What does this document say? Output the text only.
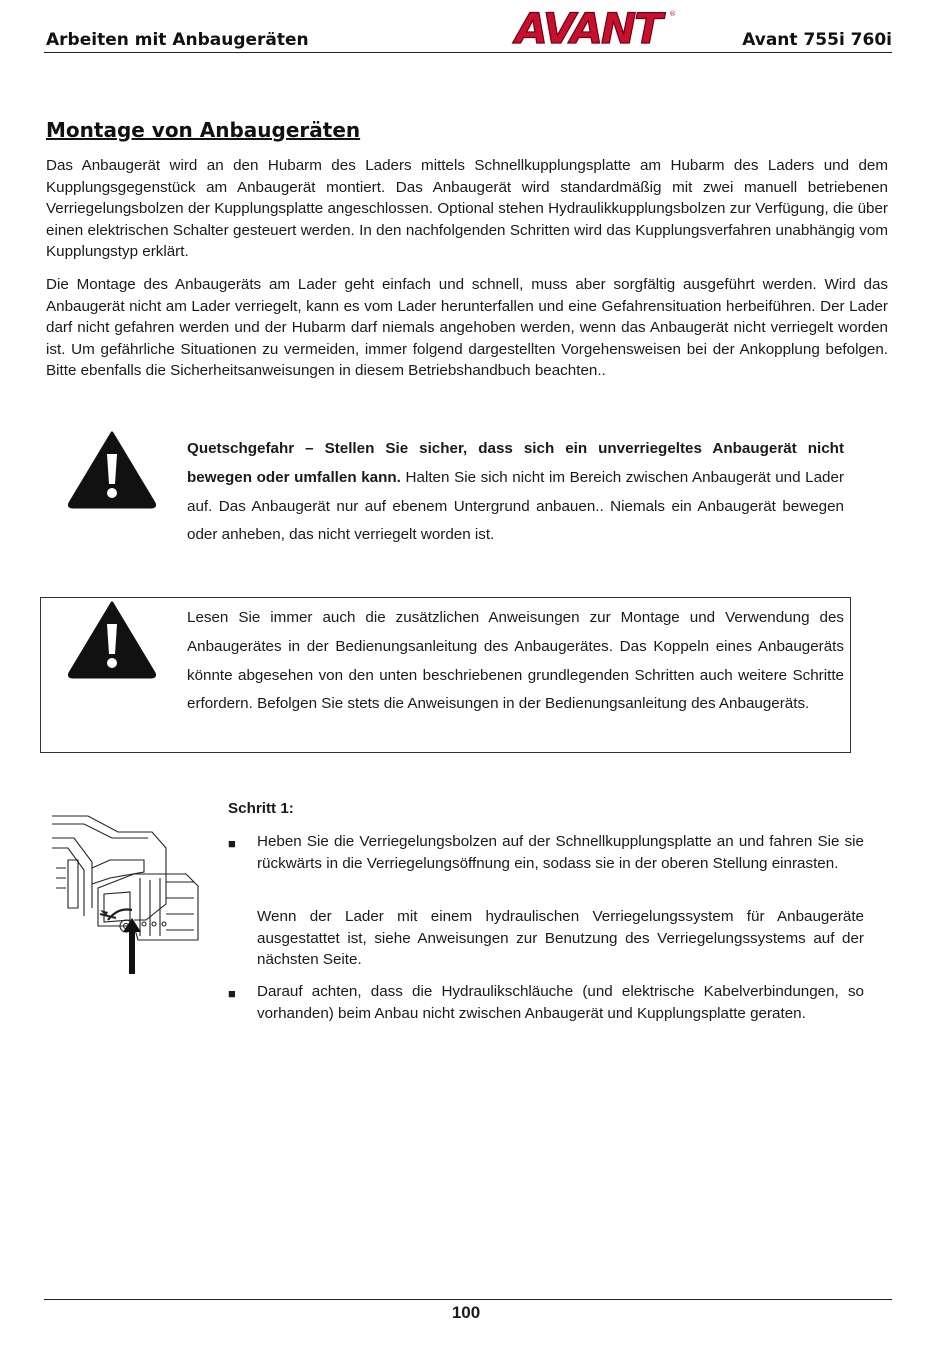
Arbeiten mit Anbaugeräten	AVANT	®
Avant 755i 760i
Montage von Anbaugeräten

Das Anbaugerät wird an den Hubarm des Laders mittels Schnellkupplungsplatte am Hubarm des Laders und dem Kupplungsgegenstück am Anbaugerät montiert. Das Anbaugerät wird standardmäßig mit zwei manuell betriebenen Verriegelungsbolzen der Kupplungsplatte angeschlossen. Optional stehen Hydraulikkupplungsbolzen zur Verfügung, die über einen elektrischen Schalter gesteuert werden. In den nachfolgenden Schritten wird das Kupplungsverfahren unabhängig vom Kupplungstyp erklärt.

Die Montage des Anbaugeräts am Lader geht einfach und schnell, muss aber sorgfältig ausgeführt werden. Wird das Anbaugerät nicht am Lader verriegelt, kann es vom Lader herunterfallen und eine Gefahrensituation herbeiführen. Der Lader darf nicht gefahren werden und der Hubarm darf niemals angehoben werden, wenn das Anbaugerät nicht verriegelt worden ist. Um gefährliche Situationen zu vermeiden, immer folgend dargestellten Vorgehensweisen bei der Ankopplung befolgen. Bitte ebenfalls die Sicherheitsanweisungen in diesem Betriebshandbuch beachten..

Quetschgefahr – Stellen Sie sicher, dass sich ein unverriegeltes Anbaugerät nicht bewegen oder umfallen kann. Halten Sie sich nicht im Bereich zwischen Anbaugerät und Lader auf. Das Anbaugerät nur auf ebenem Untergrund anbauen.. Niemals ein Anbaugerät bewegen oder anheben, das nicht verriegelt worden ist.

Lesen Sie immer auch die zusätzlichen Anweisungen zur Montage und Verwendung des Anbaugerätes in der Bedienungsanleitung des Anbaugerätes. Das Koppeln eines Anbaugeräts könnte abgesehen von den unten beschriebenen grundlegenden Schritten auch weitere Schritte erfordern. Befolgen Sie stets die Anweisungen in der Bedienungsanleitung des Anbaugeräts.

Schritt 1:
■	Heben Sie die Verriegelungsbolzen auf der Schnellkupplungsplatte an und fahren Sie sie rückwärts in die Verriegelungsöffnung ein, sodass sie in der oberen Stellung einrasten.

Wenn der Lader mit einem hydraulischen Verriegelungssystem für Anbaugeräte ausgestattet ist, siehe Anweisungen zur Benutzung des Verriegelungssystems auf der nächsten Seite.

■	Darauf achten, dass die Hydraulikschläuche (und elektrische Kabelverbindungen, so vorhanden) beim Anbau nicht zwischen Anbaugerät und Kupplungsplatte geraten.

100
